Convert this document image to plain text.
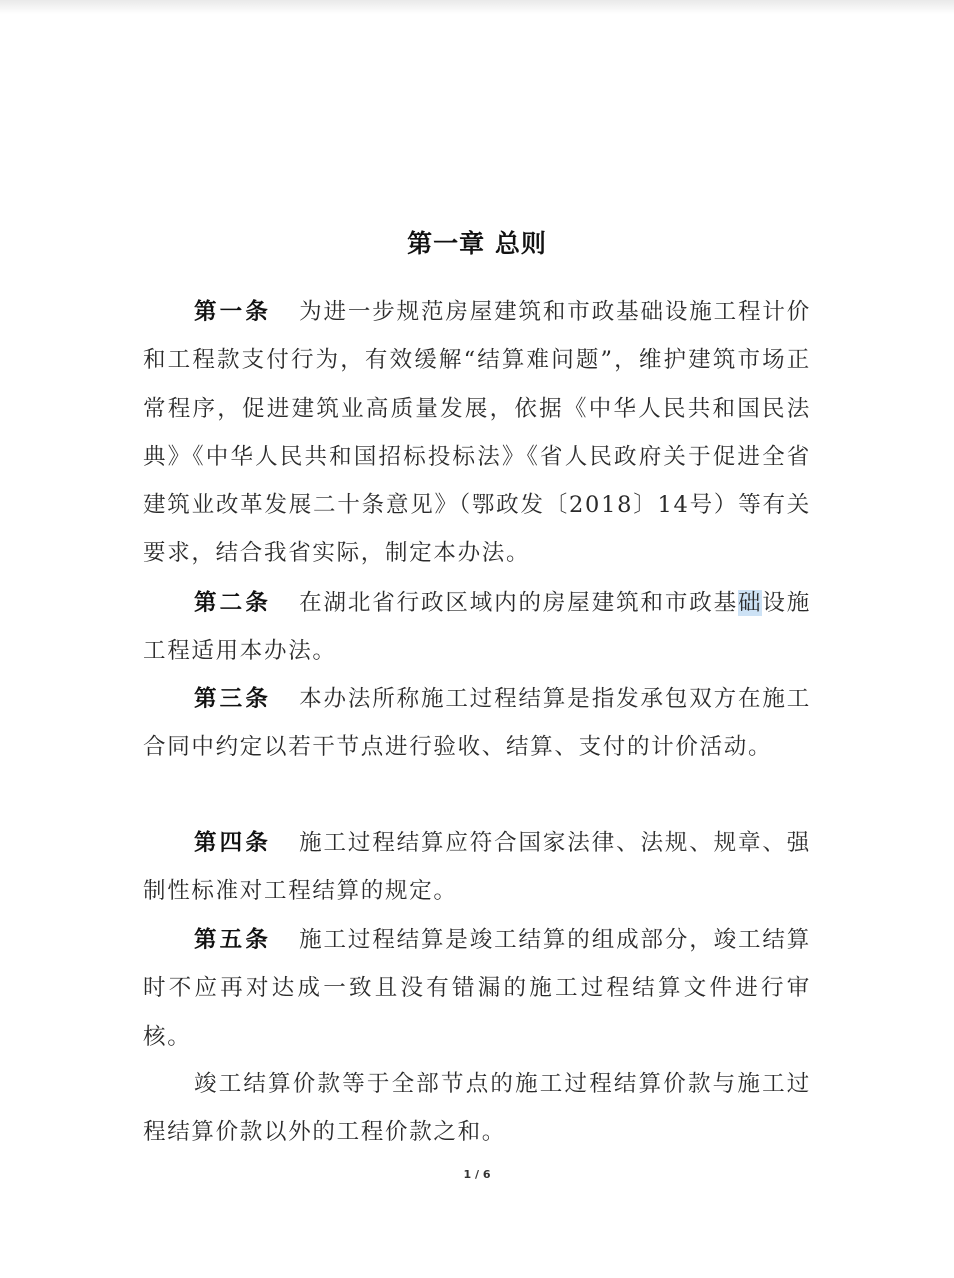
第一章 总则
第一条 为进一步规范房屋建筑和市政基础设施工程计价和工程款支付行为，有效缓解“结算难问题”，维护建筑市场正常程序，促进建筑业高质量发展，依据《中华人民共和国民法典》《中华人民共和国招标投标法》《省人民政府关于促进全省建筑业改革发展二十条意见》（鄂政发〔2018〕14号）等有关要求，结合我省实际，制定本办法。
第二条 在湖北省行政区域内的房屋建筑和市政基础设施工程适用本办法。
第三条 本办法所称施工过程结算是指发承包双方在施工合同中约定以若干节点进行验收、结算、支付的计价活动。
第四条 施工过程结算应符合国家法律、法规、规章、强制性标准对工程结算的规定。
第五条 施工过程结算是竣工结算的组成部分，竣工结算时不应再对达成一致且没有错漏的施工过程结算文件进行审核。
竣工结算价款等于全部节点的施工过程结算价款与施工过程结算价款以外的工程价款之和。
1 / 6
